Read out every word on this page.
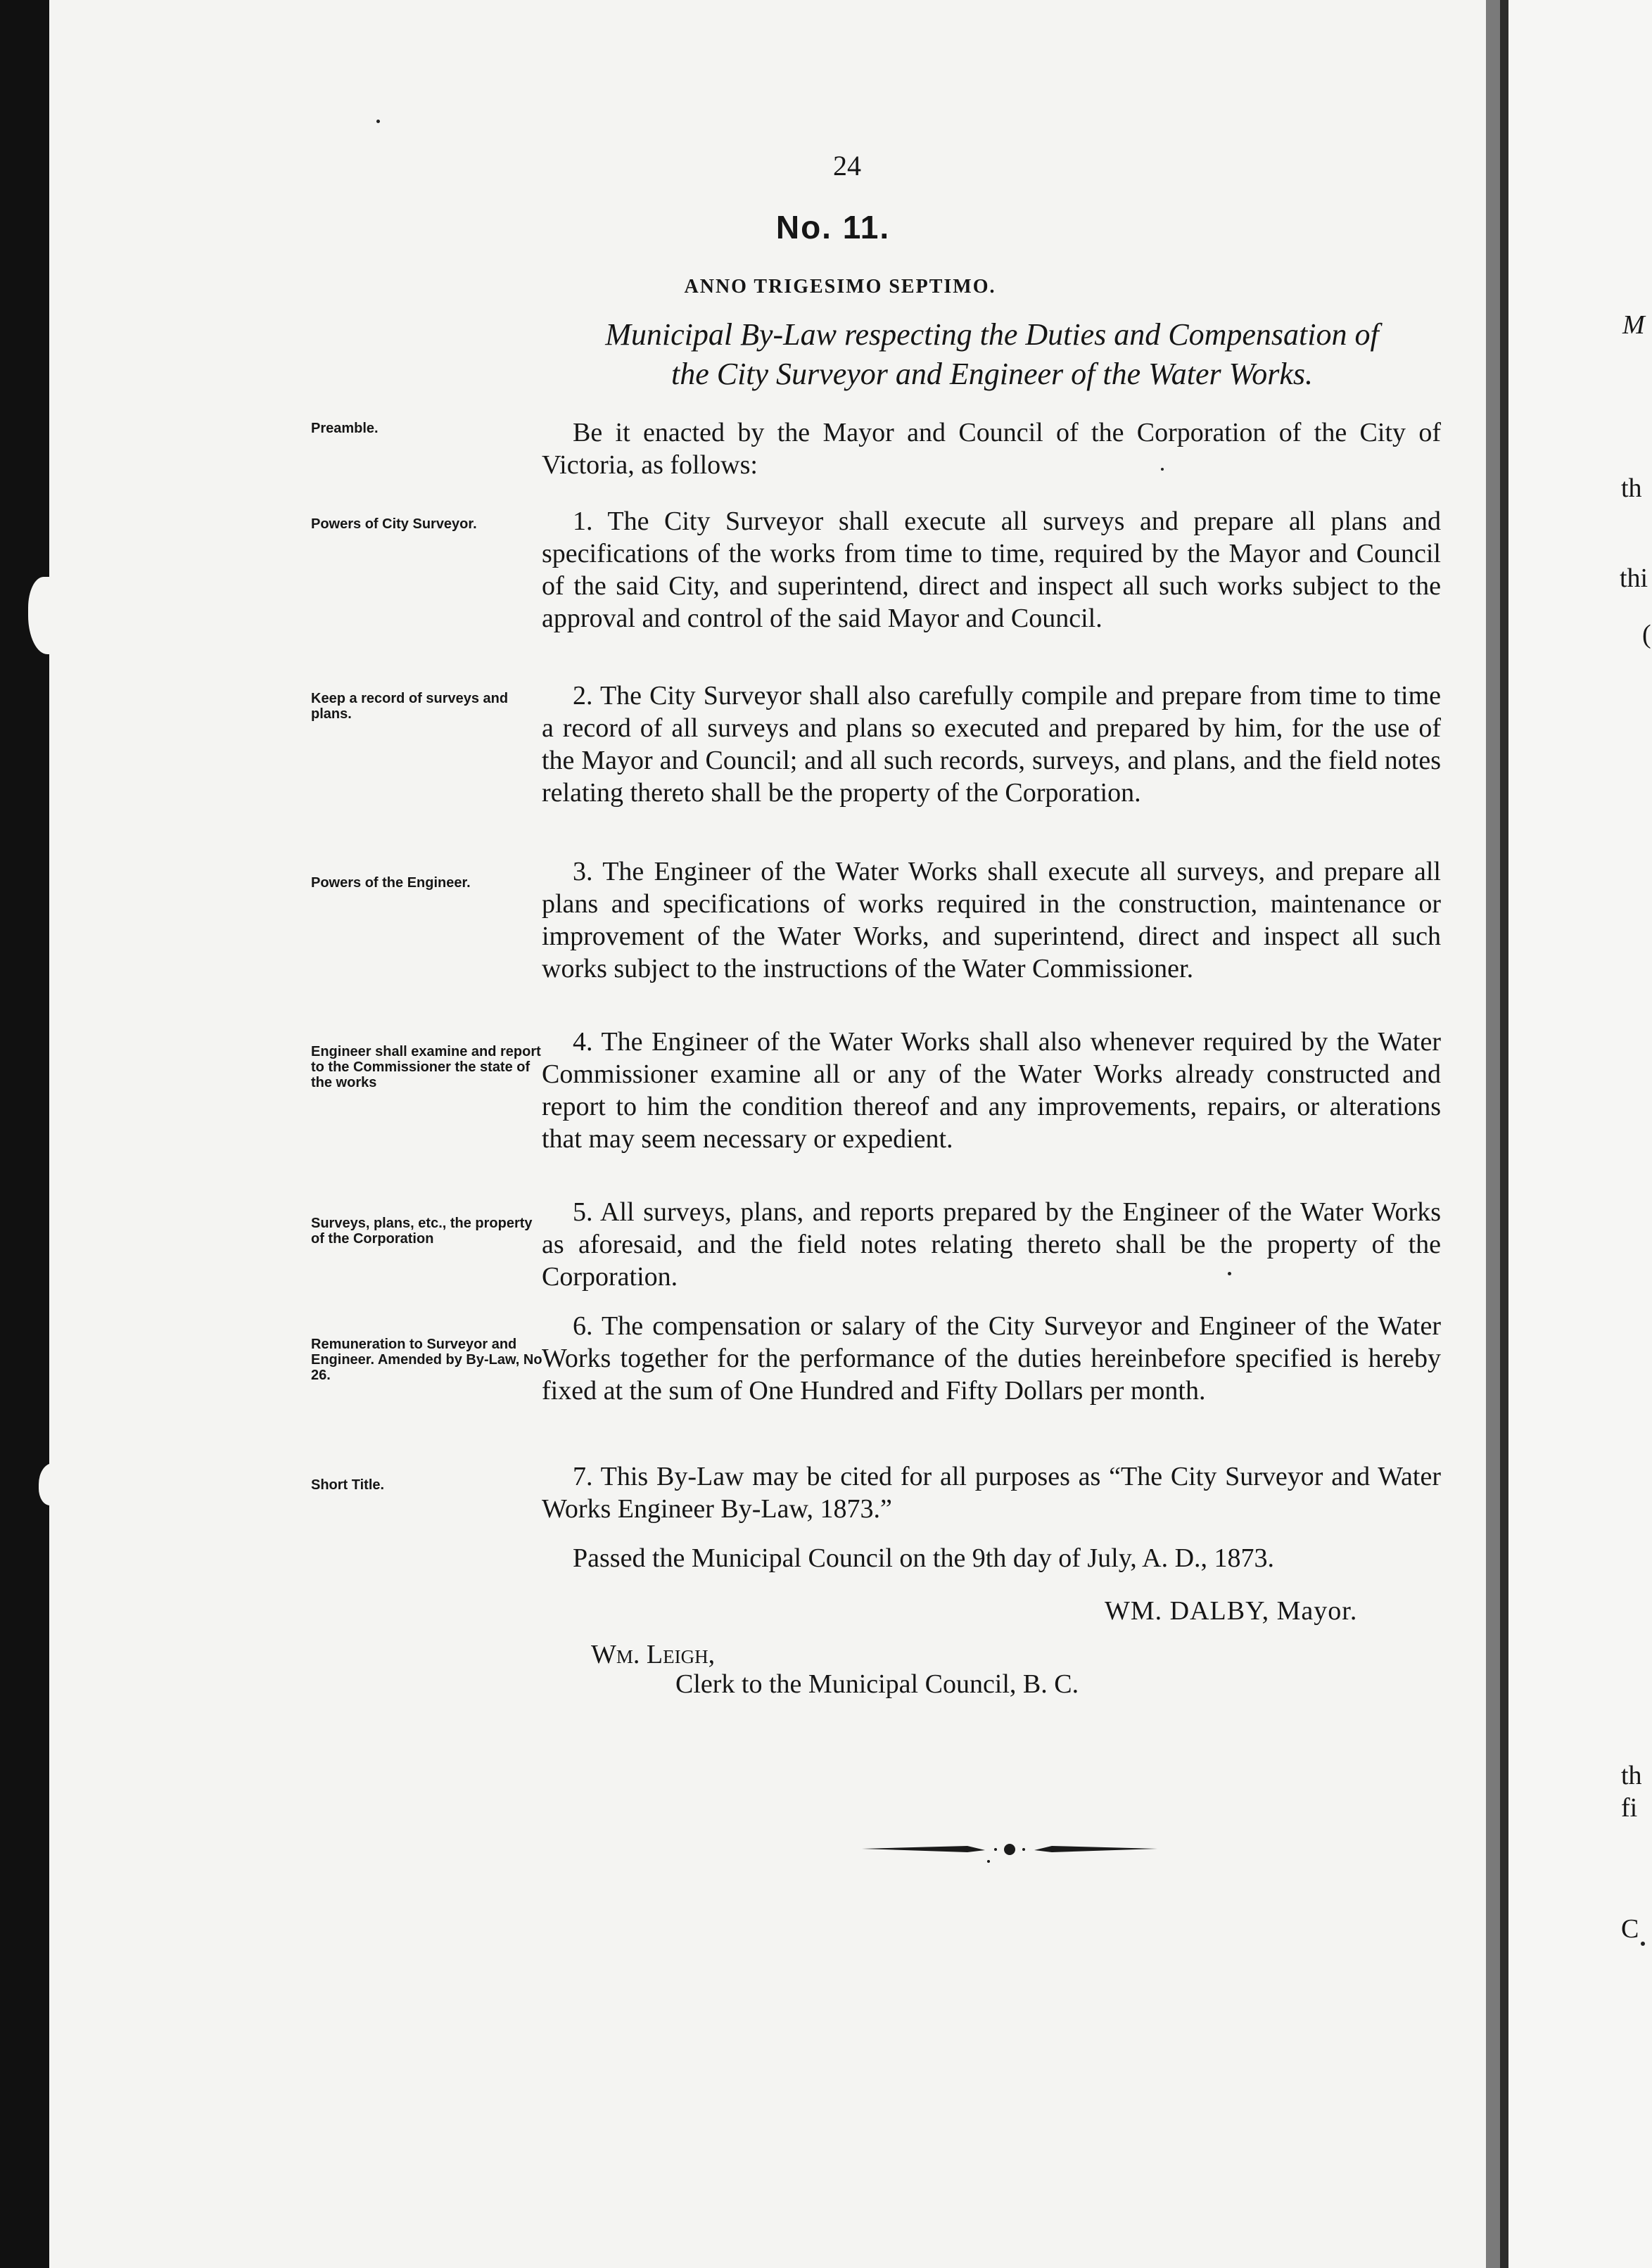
M
th
thi
(
th
fi
C
24
No. 11.
ANNO TRIGESIMO SEPTIMO.
Municipal By-Law respecting the Duties and Compensation of
the City Surveyor and Engineer of the Water Works.
Preamble.	Be it enacted by the Mayor and Council of the Corporation of the City of Victoria, as follows:
Powers of City Surveyor.	1. The City Surveyor shall execute all surveys and prepare all plans and specifications of the works from time to time, required by the Mayor and Council of the said City, and superintend, direct and inspect all such works subject to the approval and control of the said Mayor and Council.
Keep a record of surveys and plans.
2. The City Surveyor shall also carefully compile and prepare from time to time a record of all surveys and plans so executed and prepared by him, for the use of the Mayor and Council; and all such records, surveys, and plans, and the field notes relating thereto shall be the property of the Corporation.
Powers of the Engineer.	3. The Engineer of the Water Works shall execute all surveys, and prepare all plans and specifications of works required in the construction, maintenance or improvement of the Water Works, and superintend, direct and inspect all such works subject to the instructions of the Water Commissioner.
Engineer shall examine and report to the Commissioner the state of the works
4. The Engineer of the Water Works shall also whenever required by the Water Commissioner examine all or any of the Water Works already constructed and report to him the condition thereof and any improvements, repairs, or alterations that may seem necessary or expedient.
Surveys, plans, etc., the property of the Corporation
5. All surveys, plans, and reports prepared by the Engineer of the Water Works as aforesaid, and the field notes relating thereto shall be the property of the Corporation.
Remuneration to Surveyor and Engineer. Amended by By-Law, No 26.
6. The compensation or salary of the City Surveyor and Engineer of the Water Works together for the performance of the duties hereinbefore specified is hereby fixed at the sum of One Hundred and Fifty Dollars per month.
Short Title.	7. This By-Law may be cited for all purposes as “The City Surveyor and Water Works Engineer By-Law, 1873.”
Passed the Municipal Council on the 9th day of July, A. D., 1873.
WM. DALBY, Mayor.
Wm. Leigh,
Clerk to the Municipal Council, B. C.
